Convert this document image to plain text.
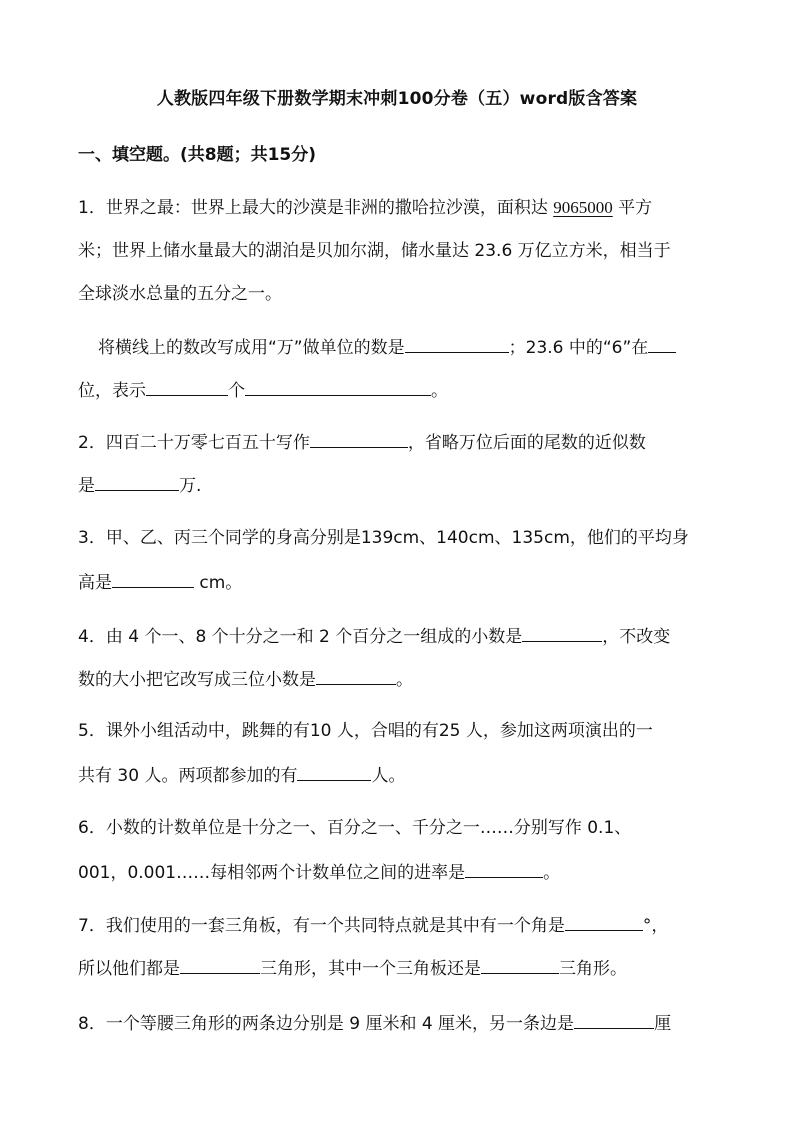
人教版四年级下册数学期末冲刺100分卷（五）word版含答案
一、填空题。(共8题；共15分)
1．世界之最：世界上最大的沙漠是非洲的撒哈拉沙漠，面积达 9065000 平方
米；世界上储水量最大的湖泊是贝加尔湖，储水量达 23.6 万亿立方米，相当于
全球淡水总量的五分之一。
将横线上的数改写成用“万”做单位的数是	；23.6 中的“6”在
位，表示	个	。
2．四百二十万零七百五十写作	，省略万位后面的尾数的近似数
是	万.
3．甲、乙、丙三个同学的身高分别是139cm、140cm、135cm，他们的平均身
高是	cm。
4．由 4 个一、8 个十分之一和 2 个百分之一组成的小数是	，不改变
数的大小把它改写成三位小数是	。
5．课外小组活动中，跳舞的有10 人，合唱的有25 人，参加这两项演出的一
共有 30 人。两项都参加的有	人。
6．小数的计数单位是十分之一、百分之一、千分之一……分别写作 0.1、
001，0.001……每相邻两个计数单位之间的进率是	。
7．我们使用的一套三角板，有一个共同特点就是其中有一个角是	°，
所以他们都是	三角形，其中一个三角板还是	三角形。
8．一个等腰三角形的两条边分别是 9 厘米和 4 厘米，另一条边是	厘
